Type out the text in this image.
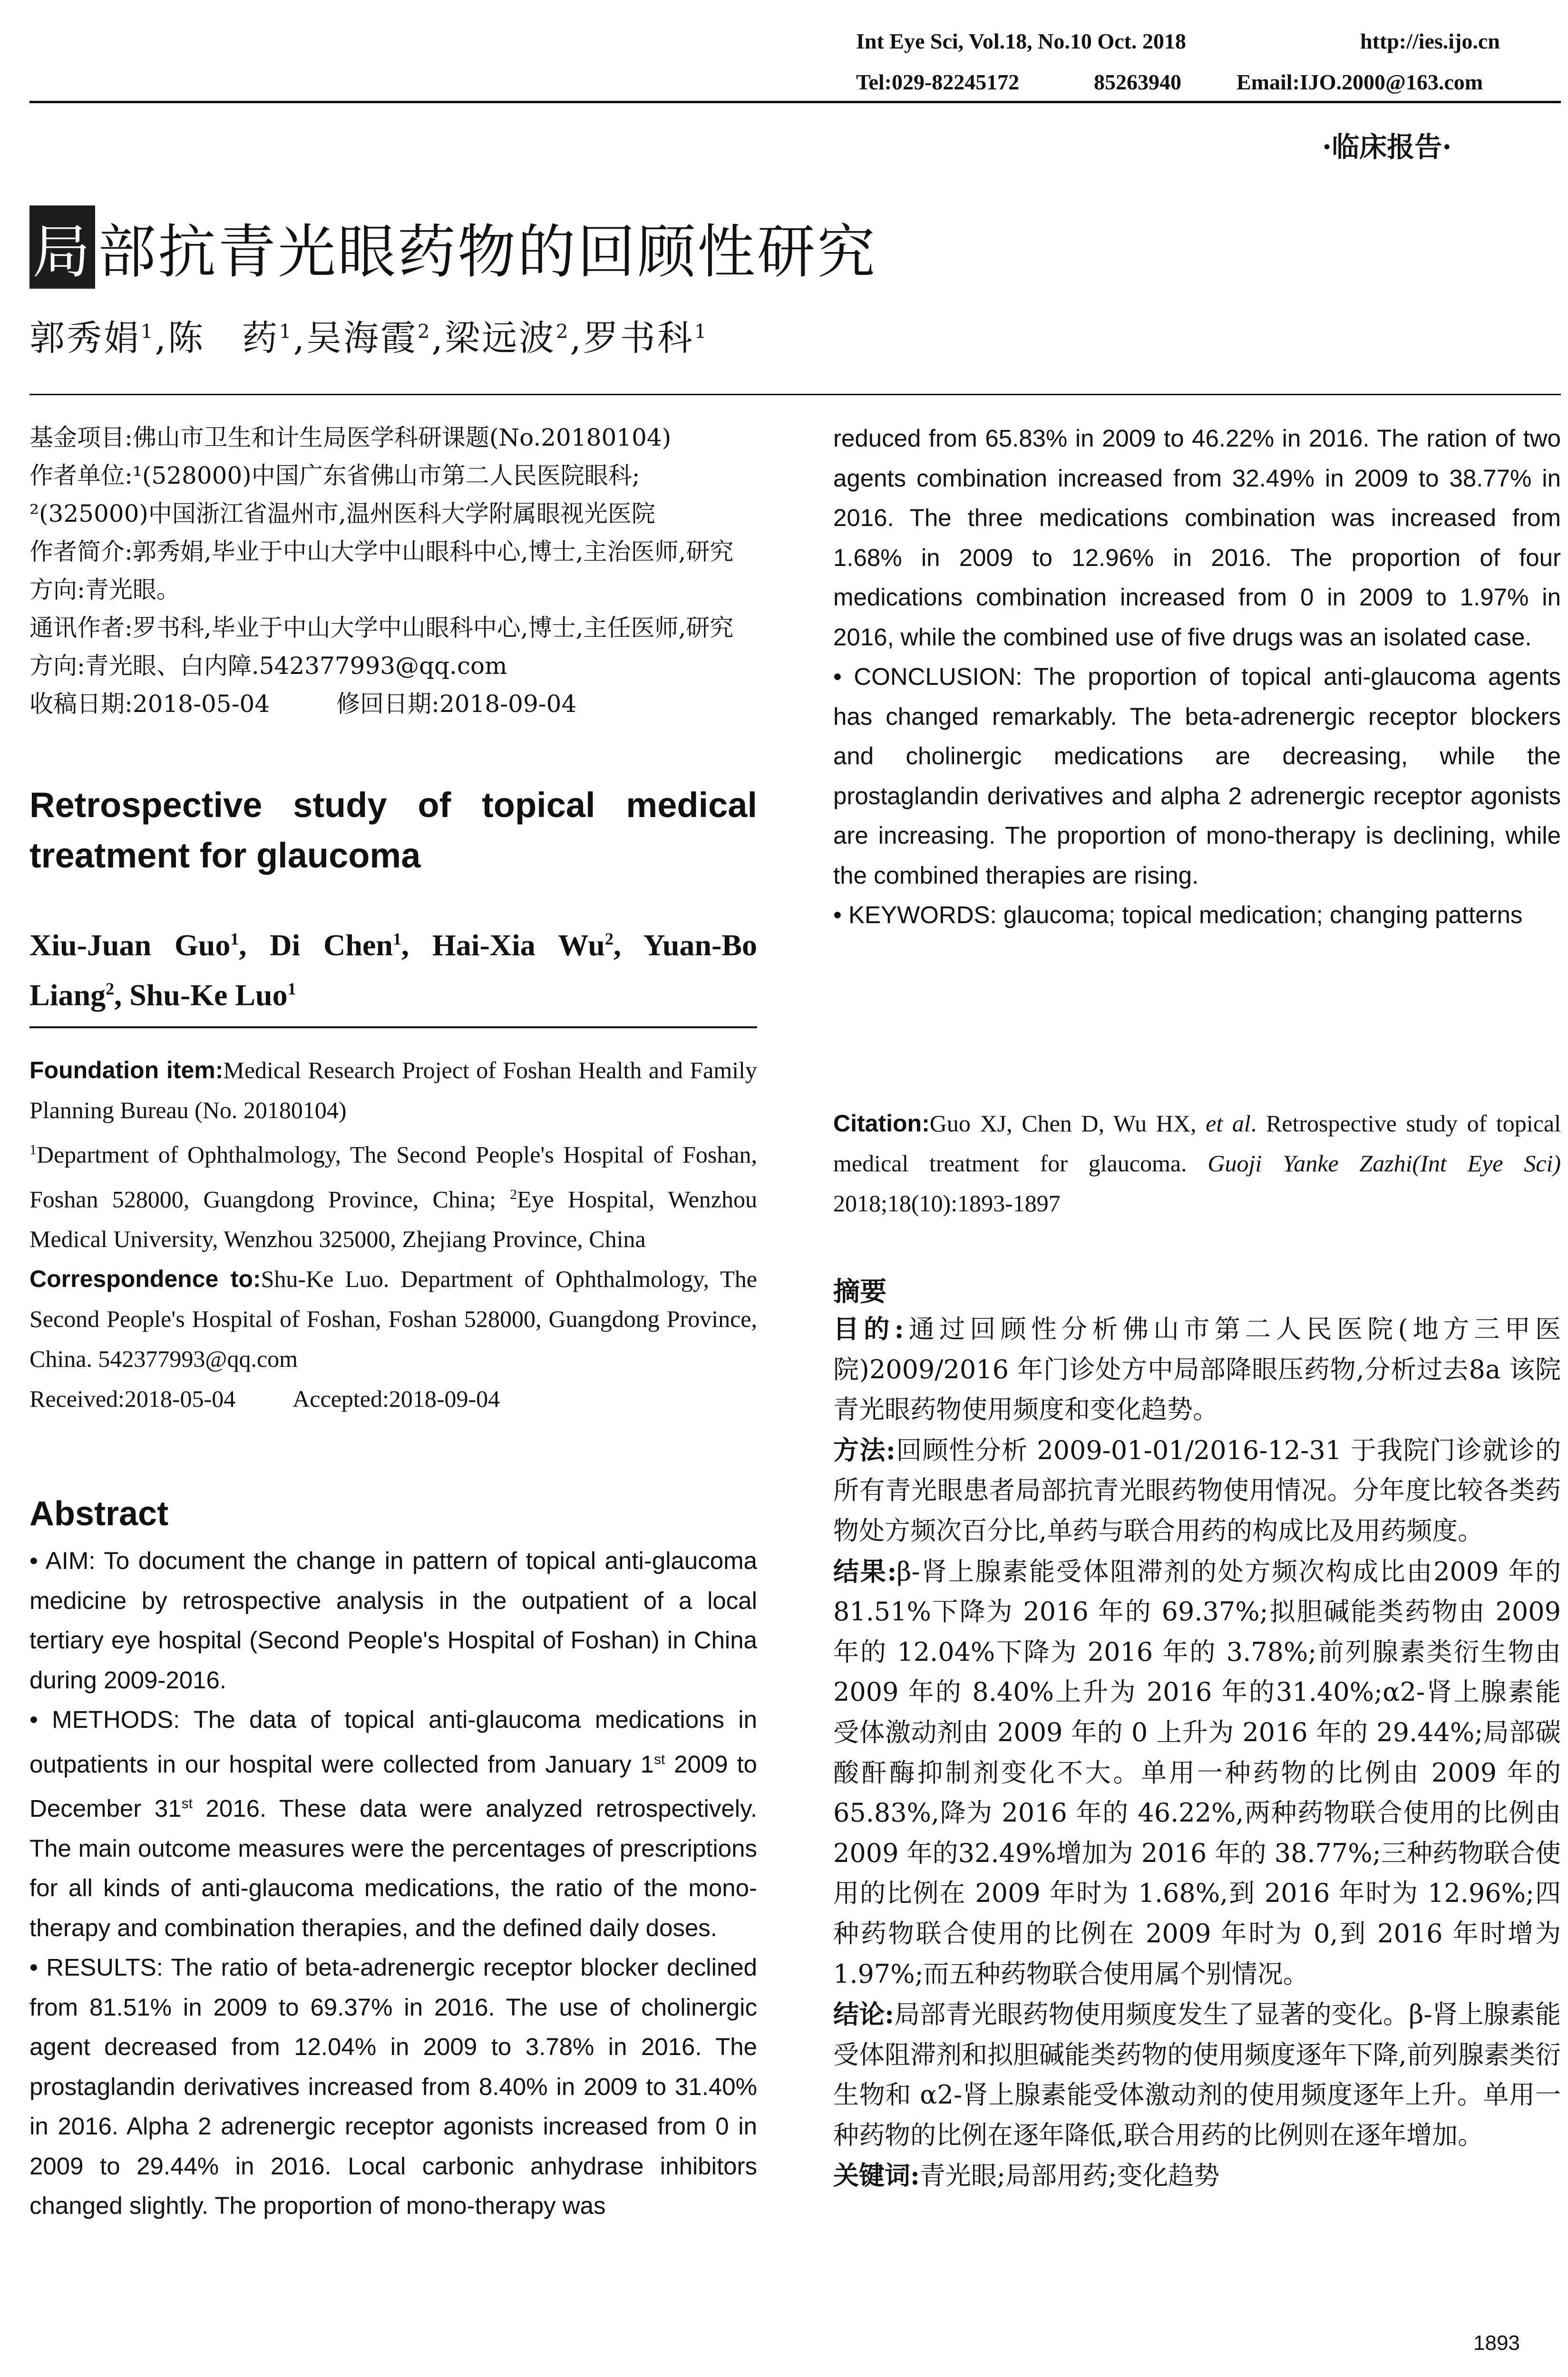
Int Eye Sci, Vol.18, No.10 Oct. 2018	http://ies.ijo.cn
Tel:029-82245172	85263940	Email:IJO.2000@163.com
·临床报告·
局部抗青光眼药物的回顾性研究
郭秀娟$^1$,陈　药$^1$,吴海霞$^2$,梁远波$^2$,罗书科$^1$

基金项目:佛山市卫生和计生局医学科研课题(No.20180104)

作者单位:¹(528000)中国广东省佛山市第二人民医院眼科;

²(325000)中国浙江省温州市,温州医科大学附属眼视光医院

作者简介:郭秀娟,毕业于中山大学中山眼科中心,博士,主治医师,研究方向:青光眼。

通讯作者:罗书科,毕业于中山大学中山眼科中心,博士,主任医师,研究方向:青光眼、白内障.542377993@qq.com

收稿日期:2018-05-04	修回日期:2018-09-04

Retrospective study of topical medical treatment for glaucoma
Xiu-Juan Guo$^1$, Di Chen$^1$, Hai-Xia Wu$^2$, Yuan-Bo Liang$^2$, Shu-Ke Luo$^1$

Foundation item:Medical Research Project of Foshan Health and Family Planning Bureau (No. 20180104)

$^1$Department of Ophthalmology, The Second People's Hospital of Foshan, Foshan 528000, Guangdong Province, China; $^2$Eye Hospital, Wenzhou Medical University, Wenzhou 325000, Zhejiang Province, China

Correspondence to:Shu-Ke Luo. Department of Ophthalmology, The Second People's Hospital of Foshan, Foshan 528000, Guangdong Province, China. 542377993@qq.com

Received:2018-05-04 Accepted:2018-09-04

Abstract

• AIM: To document the change in pattern of topical anti-glaucoma medicine by retrospective analysis in the outpatient of a local tertiary eye hospital (Second People's Hospital of Foshan) in China during 2009-2016.

• METHODS: The data of topical anti-glaucoma medications in outpatients in our hospital were collected from January 1st 2009 to December 31st 2016. These data were analyzed retrospectively. The main outcome measures were the percentages of prescriptions for all kinds of anti-glaucoma medications, the ratio of the mono-therapy and combination therapies, and the defined daily doses.

• RESULTS: The ratio of beta-adrenergic receptor blocker declined from 81.51% in 2009 to 69.37% in 2016. The use of cholinergic agent decreased from 12.04% in 2009 to 3.78% in 2016. The prostaglandin derivatives increased from 8.40% in 2009 to 31.40% in 2016. Alpha 2 adrenergic receptor agonists increased from 0 in 2009 to 29.44% in 2016. Local carbonic anhydrase inhibitors changed slightly. The proportion of mono-therapy was

reduced from 65.83% in 2009 to 46.22% in 2016. The ration of two agents combination increased from 32.49% in 2009 to 38.77% in 2016. The three medications combination was increased from 1.68% in 2009 to 12.96% in 2016. The proportion of four medications combination increased from 0 in 2009 to 1.97% in 2016, while the combined use of five drugs was an isolated case.

• CONCLUSION: The proportion of topical anti-glaucoma agents has changed remarkably. The beta-adrenergic receptor blockers and cholinergic medications are decreasing, while the prostaglandin derivatives and alpha 2 adrenergic receptor agonists are increasing. The proportion of mono-therapy is declining, while the combined therapies are rising.

• KEYWORDS: glaucoma; topical medication; changing patterns

Citation:Guo XJ, Chen D, Wu HX, et al. Retrospective study of topical medical treatment for glaucoma. Guoji Yanke Zazhi(Int Eye Sci) 2018;18(10):1893-1897
摘要

目的:通过回顾性分析佛山市第二人民医院(地方三甲医院)2009/2016 年门诊处方中局部降眼压药物,分析过去8a 该院青光眼药物使用频度和变化趋势。

方法:回顾性分析 2009-01-01/2016-12-31 于我院门诊就诊的所有青光眼患者局部抗青光眼药物使用情况。分年度比较各类药物处方频次百分比,单药与联合用药的构成比及用药频度。

结果:β-肾上腺素能受体阻滞剂的处方频次构成比由2009 年的 81.51%下降为 2016 年的 69.37%;拟胆碱能类药物由 2009 年的 12.04%下降为 2016 年的 3.78%;前列腺素类衍生物由 2009 年的 8.40%上升为 2016 年的31.40%;α2-肾上腺素能受体激动剂由 2009 年的 0 上升为 2016 年的 29.44%;局部碳酸酐酶抑制剂变化不大。单用一种药物的比例由 2009 年的 65.83%,降为 2016 年的 46.22%,两种药物联合使用的比例由 2009 年的32.49%增加为 2016 年的 38.77%;三种药物联合使用的比例在 2009 年时为 1.68%,到 2016 年时为 12.96%;四种药物联合使用的比例在 2009 年时为 0,到 2016 年时增为 1.97%;而五种药物联合使用属个别情况。

结论:局部青光眼药物使用频度发生了显著的变化。β-肾上腺素能受体阻滞剂和拟胆碱能类药物的使用频度逐年下降,前列腺素类衍生物和 α2-肾上腺素能受体激动剂的使用频度逐年上升。单用一种药物的比例在逐年降低,联合用药的比例则在逐年增加。

关键词:青光眼;局部用药;变化趋势

1893
